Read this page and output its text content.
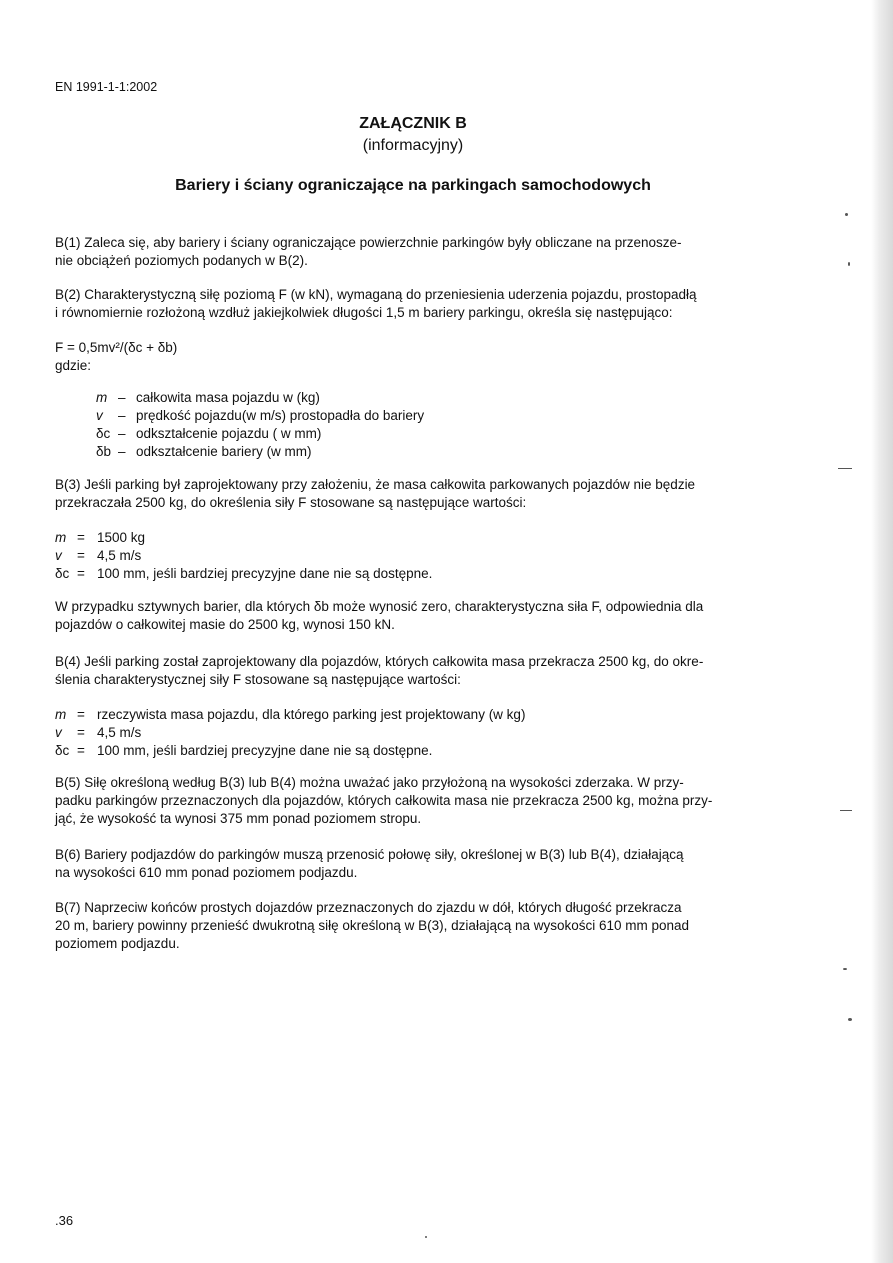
EN 1991-1-1:2002
ZAŁĄCZNIK B
(informacyjny)
Bariery i ściany ograniczające na parkingach samochodowych
B(1) Zaleca się, aby bariery i ściany ograniczające powierzchnie parkingów były obliczane na przenosze-
nie obciążeń poziomych podanych w B(2).
B(2) Charakterystyczną siłę poziomą F (w kN), wymaganą do przeniesienia uderzenia pojazdu, prostopadłą
i równomiernie rozłożoną wzdłuż jakiejkolwiek długości 1,5 m bariery parkingu, określa się następująco:
F = 0,5mv²/(δc + δb)
gdzie:
m – całkowita masa pojazdu w (kg)
v	– prędkość pojazdu(w m/s) prostopadła do bariery
δc – odkształcenie pojazdu ( w mm)
δb – odkształcenie bariery (w mm)
B(3) Jeśli parking był zaprojektowany przy założeniu, że masa całkowita parkowanych pojazdów nie będzie
przekraczała 2500 kg, do określenia siły F stosowane są następujące wartości:
m = 1500 kg
v	= 4,5 m/s
δc = 100 mm, jeśli bardziej precyzyjne dane nie są dostępne.
W przypadku sztywnych barier, dla których δb może wynosić zero, charakterystyczna siła F, odpowiednia dla
pojazdów o całkowitej masie do 2500 kg, wynosi 150 kN.
B(4) Jeśli parking został zaprojektowany dla pojazdów, których całkowita masa przekracza 2500 kg, do okre-
ślenia charakterystycznej siły F stosowane są następujące wartości:
m = rzeczywista masa pojazdu, dla którego parking jest projektowany (w kg)
v	= 4,5 m/s
δc = 100 mm, jeśli bardziej precyzyjne dane nie są dostępne.
B(5) Siłę określoną według B(3) lub B(4) można uważać jako przyłożoną na wysokości zderzaka. W przy-
padku parkingów przeznaczonych dla pojazdów, których całkowita masa nie przekracza 2500 kg, można przy-
jąć, że wysokość ta wynosi 375 mm ponad poziomem stropu.
B(6) Bariery podjazdów do parkingów muszą przenosić połowę siły, określonej w B(3) lub B(4), działającą
na wysokości 610 mm ponad poziomem podjazdu.
B(7) Naprzeciw końców prostych dojazdów przeznaczonych do zjazdu w dół, których długość przekracza
20 m, bariery powinny przenieść dwukrotną siłę określoną w B(3), działającą na wysokości 610 mm ponad
poziomem podjazdu.
.36
